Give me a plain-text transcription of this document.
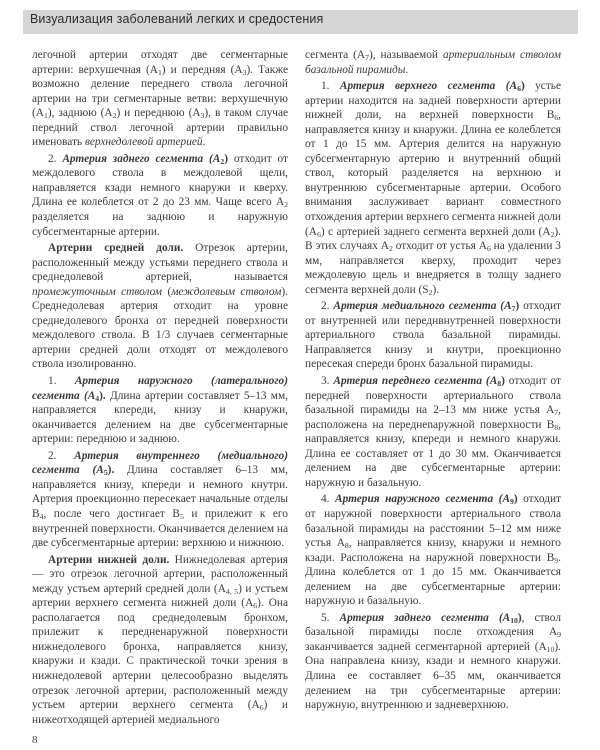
Визуализация заболеваний легких и средостения

легочной артерии отходят две сегментарные артерии: верхушечная $(А_1)$ и передняя $(А_3)$. Также возможно деление переднего ствола легочной артерии на три сегментарные ветви: верхушечную $(А_1)$, заднюю $(А_2)$ и переднюю $(А_3)$, в таком случае передний ствол легочной артерии правильно именовать верхнедолевой артерией.

2. Артерия заднего сегмента $(А_2)$ отходит от междолевого ствола в междолевой щели, направляется кзади немного кнаружи и кверху. Длина ее колеблется от 2 до 23 мм. Чаще всего $А_2$ разделяется на заднюю и наружную субсегментарные артерии.

Артерии средней доли. Отрезок артерии, расположенный между устьями переднего ствола и среднедолевой артерией, называется промежуточным стволом (междолевым стволом). Среднедолевая артерия отходит на уровне среднедолевого бронха от передней поверхности междолевого ствола. В 1/3 случаев сегментарные артерии средней доли отходят от междолевого ствола изолированно.

1. Артерия наружного (латерального) сегмента $(А_4)$. Длина артерии составляет 5–13 мм, направляется кпереди, книзу и кнаружи, оканчивается делением на две субсегментарные артерии: переднюю и заднюю.

2. Артерия внутреннего (медиального) сегмента $(А_5)$. Длина составляет 6–13 мм, направляется книзу, кпереди и немного кнутри. Артерия проекционно пересекает начальные отделы $В_4$, после чего достигает $В_5$ и прилежит к его внутренней поверхности. Оканчивается делением на две субсегментарные артерии: верхнюю и нижнюю.

Артерии нижней доли. Нижнедолевая артерия — это отрезок легочной артерии, расположенный между устьем артерий средней доли $(А_{4, 5})$ и устьем артерии верхнего сегмента нижней доли $(А_6)$. Она располагается под среднедолевым бронхом, прилежит к передненаружной поверхности нижнедолевого бронха, направляется книзу, кнаружи и кзади. С практической точки зрения в нижнедолевой артерии целесообразно выделять отрезок легочной артерии, расположенный между устьем артерии верхнего сегмента $(А_6)$ и нижеотходящей артерией медиального

сегмента $(А_7)$, называемой артериальным стволом базальной пирамиды.

1. Артерия верхнего сегмента $(А_6)$ устье артерии находится на задней поверхности артерии нижней доли, на верхней поверхности $В_6$, направляется книзу и кнаружи. Длина ее колеблется от 1 до 15 мм. Артерия делится на наружную субсегментарную артерию и внутренний общий ствол, который разделяется на верхнюю и внутреннюю субсегментарные артерии. Особого внимания заслуживает вариант совместного отхождения артерии верхнего сегмента нижней доли $(А_6)$ с артерией заднего сегмента верхней доли $(А_2)$. В этих случаях $А_2$ отходит от устья $А_6$ на удалении 3 мм, направляется кверху, проходит через междолевую щель и внедряется в толщу заднего сегмента верхней доли $(S_2)$.

2. Артерия медиального сегмента $(А_7)$ отходит от внутренней или переднвнутренней поверхности артериального ствола базальной пирамиды. Направляется книзу и кнутри, проекционно пересекая спереди бронх базальной пирамиды.

3. Артерия переднего сегмента $(А_8)$ отходит от передней поверхности артериального ствола базальной пирамиды на 2–13 мм ниже устья $А_7$, расположена на переднenаружной поверхности $В_8$, направляется книзу, кпереди и немного кнаружи. Длина ее составляет от 1 до 30 мм. Оканчивается делением на две субсегментарные артерии: наружную и базальную.

4. Артерия наружного сегмента $(А_9)$ отходит от наружной поверхности артериального ствола базальной пирамиды на расстоянии 5–12 мм ниже устья $А_8$, направляется книзу, кнаружи и немного кзади. Расположена на наружной поверхности $В_9$. Длина колеблется от 1 до 15 мм. Оканчивается делением на две субсегментарные артерии: наружную и базальную.

5. Артерия заднего сегмента $(А_{10})$, ствол базальной пирамиды после отхождения $А_9$ заканчивается задней сегментарной артерией $(А_{10})$. Она направлена книзу, кзади и немного кнаружи. Длина ее составляет 6–35 мм, оканчивается делением на три субсегментарные артерии: наружную, внутреннюю и задневерхнюю.

8
